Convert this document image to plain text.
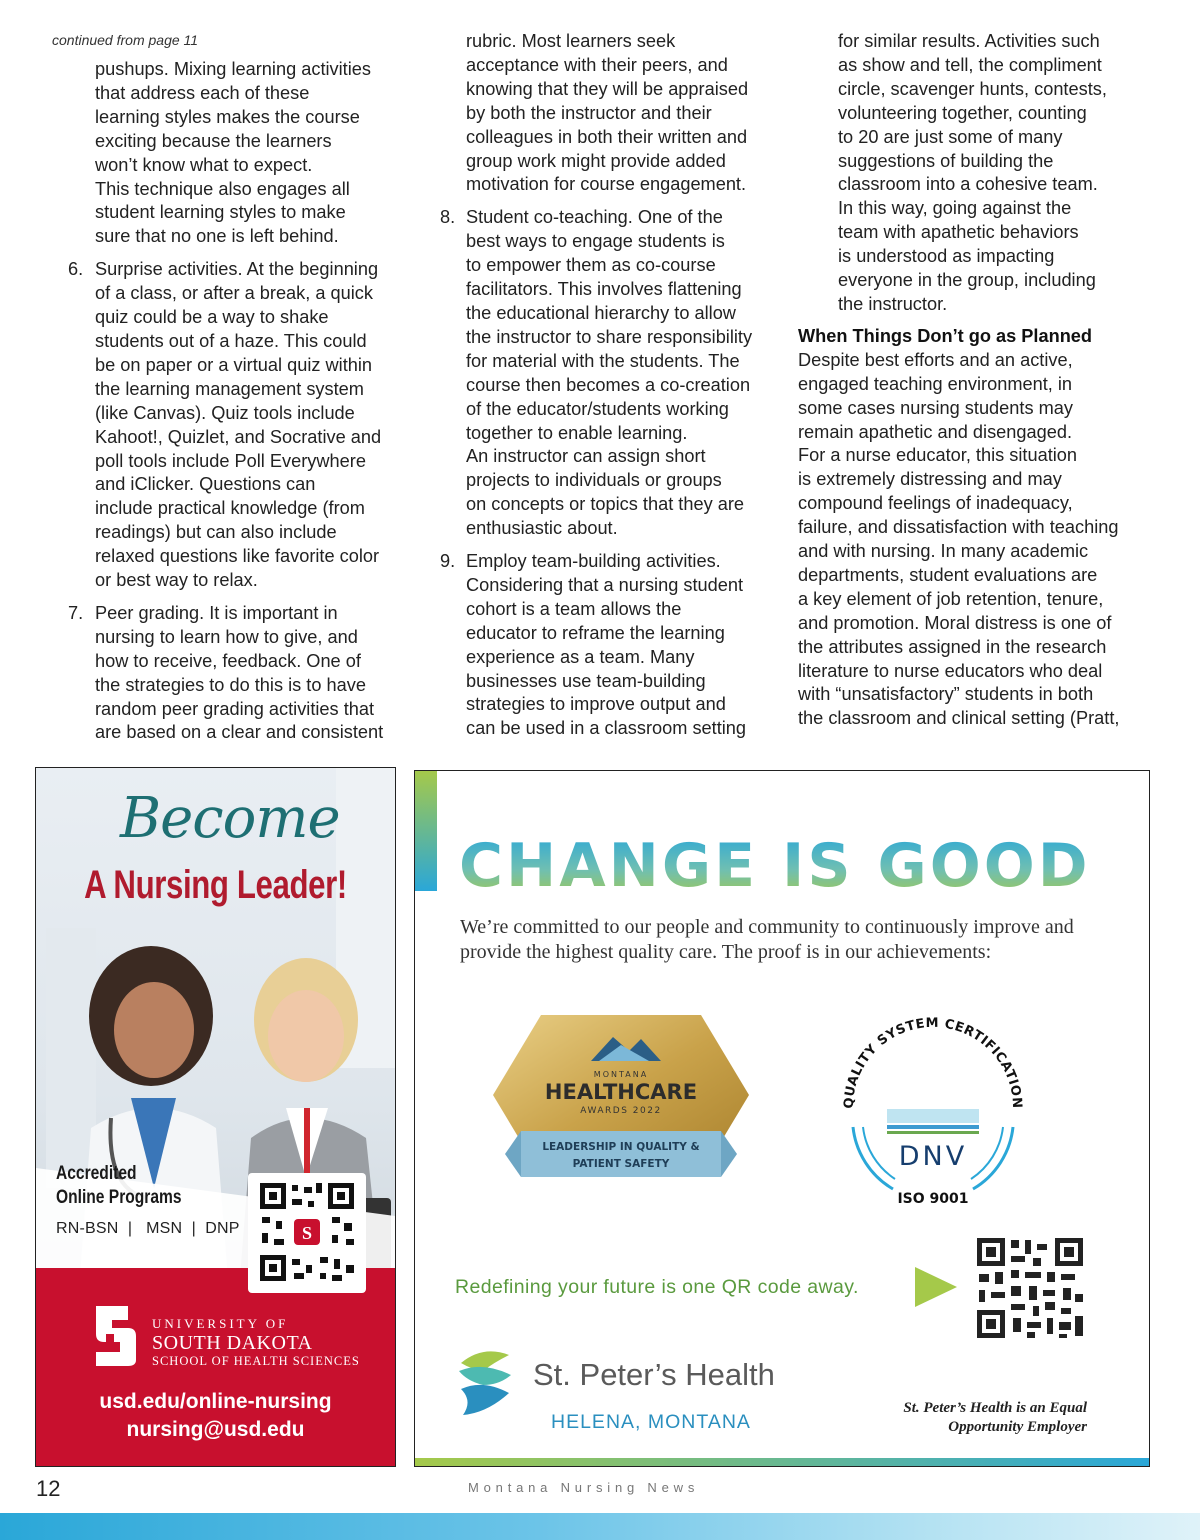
continued from page 11

pushups. Mixing learning activities
that address each of these
learning styles makes the course
exciting because the learners
won’t know what to expect.
This technique also engages all
student learning styles to make
sure that no one is left behind.
6. Surprise activities. At the beginning
of a class, or after a break, a quick
quiz could be a way to shake
students out of a haze. This could
be on paper or a virtual quiz within
the learning management system
(like Canvas). Quiz tools include
Kahoot!, Quizlet, and Socrative and
poll tools include Poll Everywhere
and iClicker. Questions can
include practical knowledge (from
readings) but can also include
relaxed questions like favorite color
or best way to relax.
7. Peer grading. It is important in
nursing to learn how to give, and
how to receive, feedback. One of
the strategies to do this is to have
random peer grading activities that
are based on a clear and consistent
rubric. Most learners seek
acceptance with their peers, and
knowing that they will be appraised
by both the instructor and their
colleagues in both their written and
group work might provide added
motivation for course engagement.
8. Student co-teaching. One of the
best ways to engage students is
to empower them as co-course
facilitators. This involves flattening
the educational hierarchy to allow
the instructor to share responsibility
for material with the students. The
course then becomes a co-creation
of the educator/students working
together to enable learning.
An instructor can assign short
projects to individuals or groups
on concepts or topics that they are
enthusiastic about.
9. Employ team-building activities.
Considering that a nursing student
cohort is a team allows the
educator to reframe the learning
experience as a team. Many
businesses use team-building
strategies to improve output and
can be used in a classroom setting
for similar results. Activities such
as show and tell, the compliment
circle, scavenger hunts, contests,
volunteering together, counting
to 20 are just some of many
suggestions of building the
classroom into a cohesive team.
In this way, going against the
team with apathetic behaviors
is understood as impacting
everyone in the group, including
the instructor.

When Things Don’t go as Planned

Despite best efforts and an active,
engaged teaching environment, in
some cases nursing students may
remain apathetic and disengaged.
For a nurse educator, this situation
is extremely distressing and may
compound feelings of inadequacy,
failure, and dissatisfaction with teaching
and with nursing. In many academic
departments, student evaluations are
a key element of job retention, tenure,
and promotion. Moral distress is one of
the attributes assigned in the research
literature to nurse educators who deal
with “unsatisfactory” students in both
the classroom and clinical setting (Pratt,
Become
A Nursing Leader!
Accredited
Online Programs
RN-BSN  |   MSN  |  DNP	S
UNIVERSITY OF
SOUTH DAKOTA
SCHOOL OF HEALTH SCIENCES
usd.edu/online-nursing
nursing@usd.edu
CHANGE IS GOOD
We’re committed to our people and community to continuously improve and provide the highest quality care. The proof is in our achievements:
MONTANA
HEALTHCARE
AWARDS 2022
LEADERSHIP IN QUALITY &
PATIENT SAFETY
QUALITY SYSTEM CERTIFICATION
DNV
ISO 9001
Redefining your future is one QR code away.
St. Peter’s Health
HELENA, MONTANA
St. Peter’s Health is an Equal
Opportunity Employer
12	Montana Nursing News
